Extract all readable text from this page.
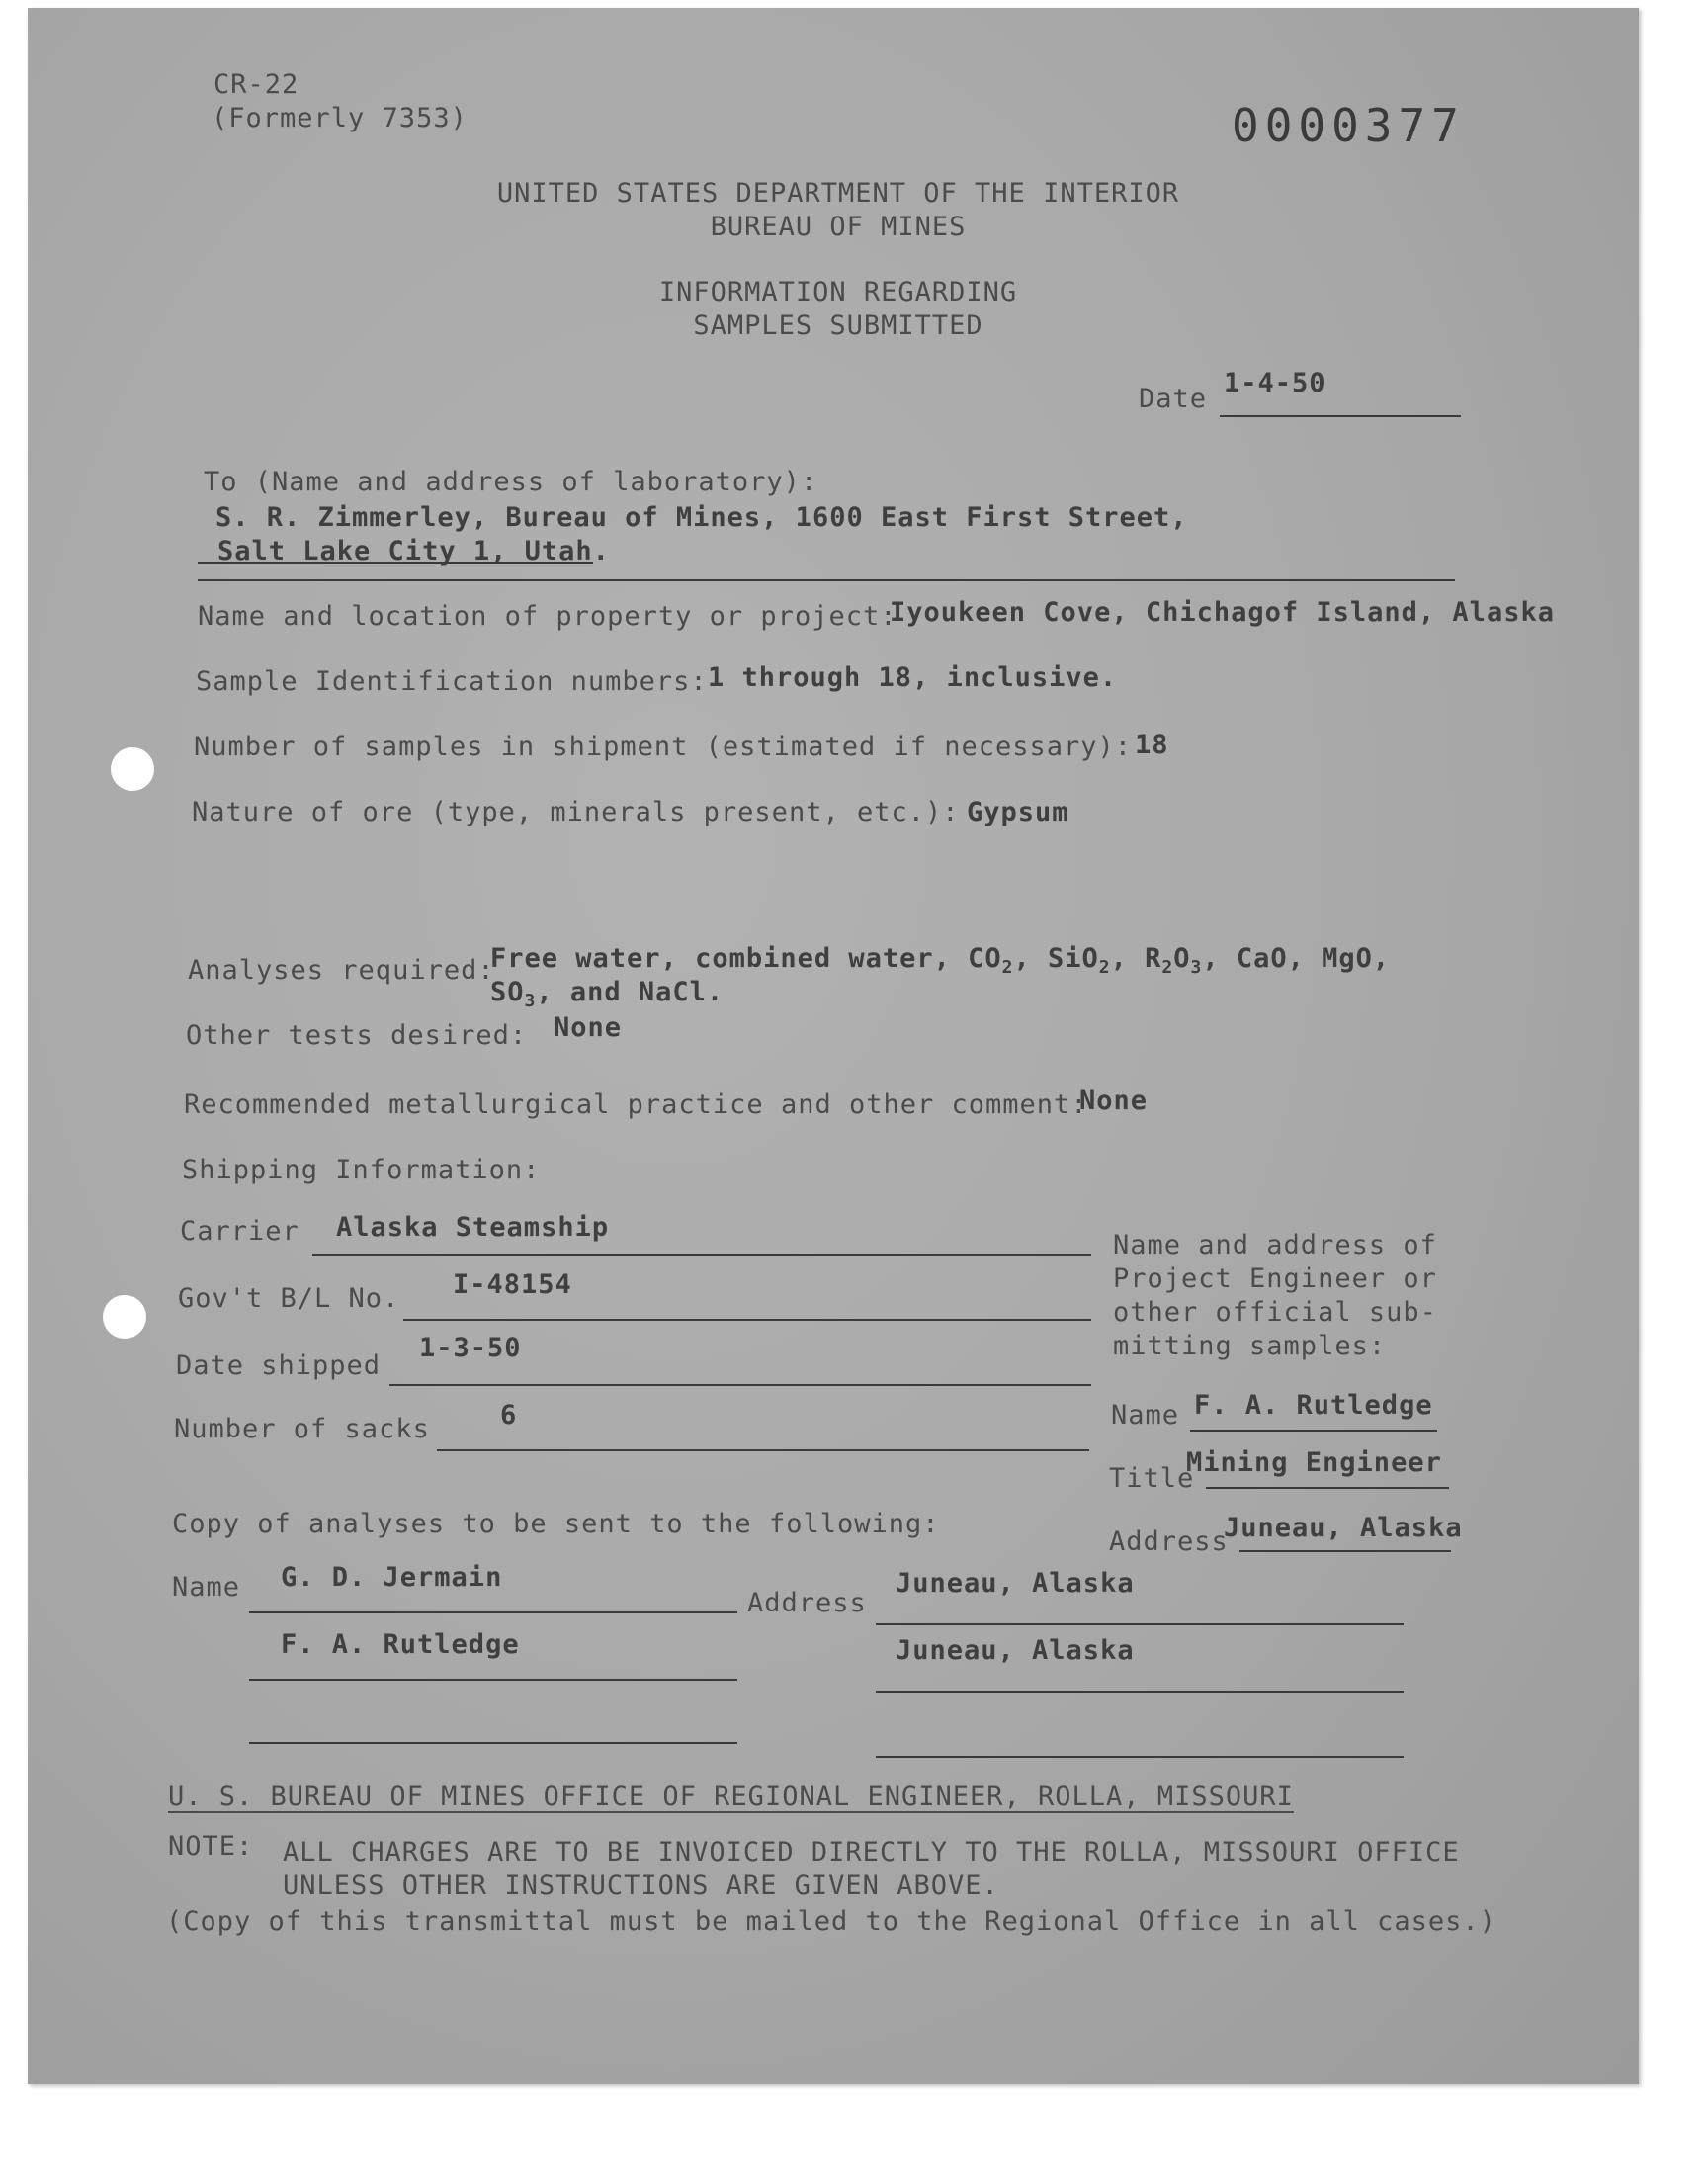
CR-22
(Formerly 7353)	0000377
UNITED STATES DEPARTMENT OF THE INTERIOR
BUREAU OF MINES
INFORMATION REGARDING
SAMPLES SUBMITTED
Date
1-4-50
To (Name and address of laboratory):
S. R. Zimmerley, Bureau of Mines, 1600 East First Street,
Salt Lake City 1, Utah.
Name and location of property or project:
Iyoukeen Cove, Chichagof Island, Alaska
Sample Identification numbers: 1 through 18, inclusive.
Number of samples in shipment (estimated if necessary): 18
Nature of ore (type, minerals present, etc.): Gypsum
Analyses required:
Free water, combined water, $CO_2$, SiO$_2$, $R_2O_3$, CaO, MgO,
$SO_3$, and NaCl.
Other tests desired: None
Recommended metallurgical practice and other comment:
None
Shipping Information:
Carrier Alaska Steamship
Gov't B/L No. I-48154
Date shipped
1-3-50
Number of sacks	6
Name and address of
Project Engineer or
other official sub-
mitting samples:
Name F. A. Rutledge
Title
Mining Engineer
Address
Juneau, Alaska
Copy of analyses to be sent to the following:
Name
Address
G. D. Jermain	Juneau, Alaska
F. A. Rutledge	Juneau, Alaska
U. S. BUREAU OF MINES OFFICE OF REGIONAL ENGINEER, ROLLA, MISSOURI
NOTE: ALL CHARGES ARE TO BE INVOICED DIRECTLY TO THE ROLLA, MISSOURI OFFICE
UNLESS OTHER INSTRUCTIONS ARE GIVEN ABOVE.
(Copy of this transmittal must be mailed to the Regional Office in all cases.)
